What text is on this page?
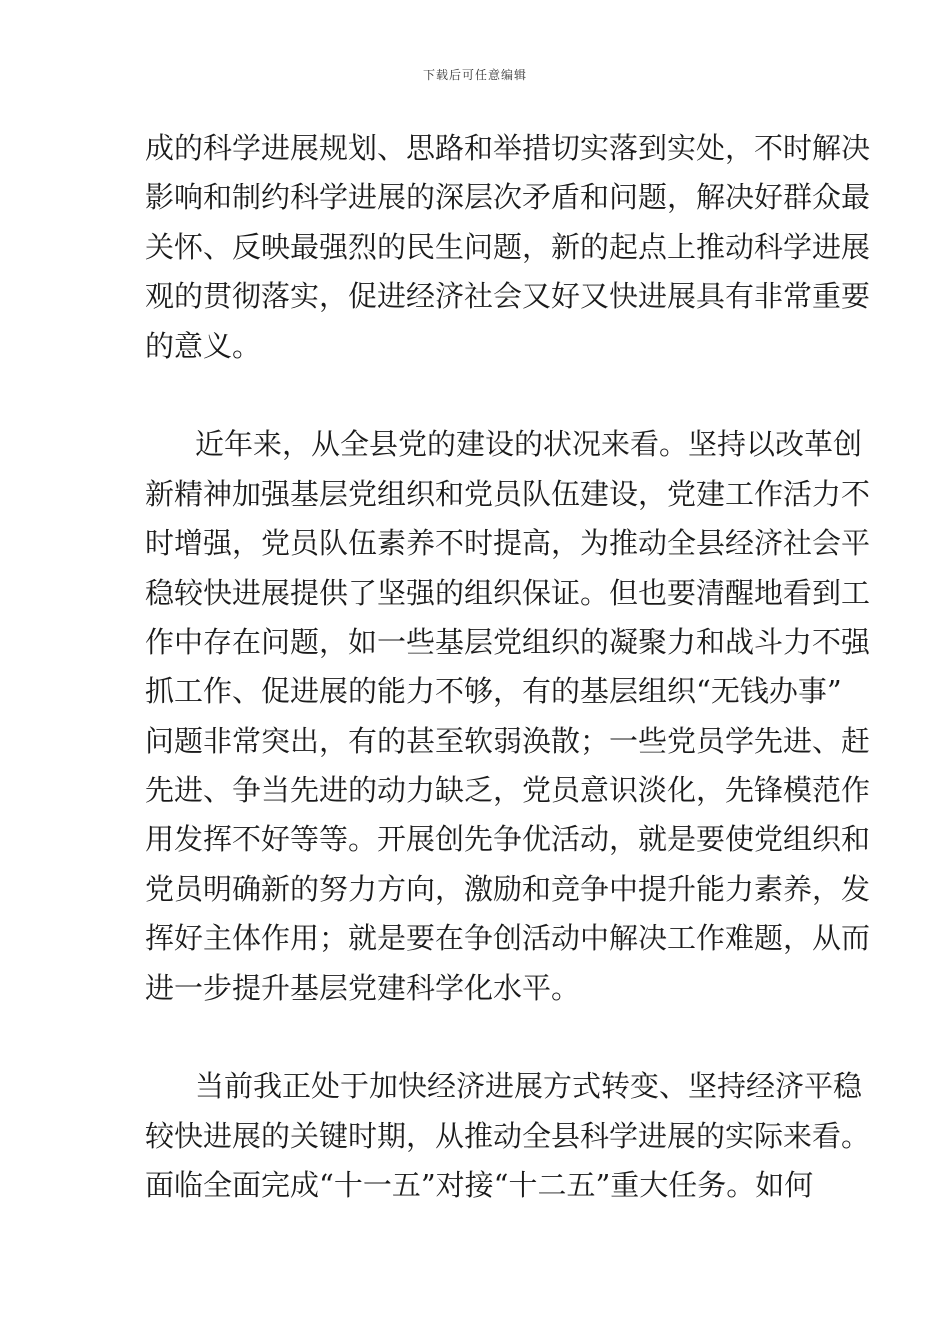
下载后可任意编辑
成的科学进展规划、思路和举措切实落到实处，不时解决
影响和制约科学进展的深层次矛盾和问题，解决好群众最
关怀、反映最强烈的民生问题，新的起点上推动科学进展
观的贯彻落实，促进经济社会又好又快进展具有非常重要
的意义。
近年来，从全县党的建设的状况来看。坚持以改革创
新精神加强基层党组织和党员队伍建设，党建工作活力不
时增强，党员队伍素养不时提高，为推动全县经济社会平
稳较快进展提供了坚强的组织保证。但也要清醒地看到工
作中存在问题，如一些基层党组织的凝聚力和战斗力不强
抓工作、促进展的能力不够，有的基层组织“无钱办事”
问题非常突出，有的甚至软弱涣散；一些党员学先进、赶
先进、争当先进的动力缺乏，党员意识淡化，先锋模范作
用发挥不好等等。开展创先争优活动，就是要使党组织和
党员明确新的努力方向，激励和竞争中提升能力素养，发
挥好主体作用；就是要在争创活动中解决工作难题，从而
进一步提升基层党建科学化水平。
当前我正处于加快经济进展方式转变、坚持经济平稳
较快进展的关键时期，从推动全县科学进展的实际来看。
面临全面完成“十一五”对接“十二五”重大任务。如何
